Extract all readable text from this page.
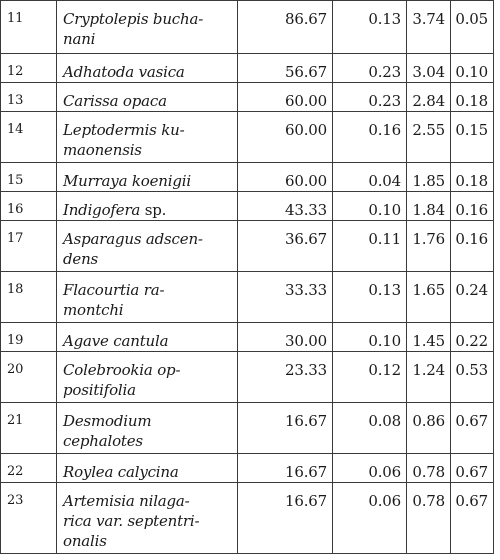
11	Cryptolepis bucha-
nani	86.67	0.13	3.74	0.05
12	Adhatoda vasica	56.67	0.23	3.04	0.10
13	Carissa opaca	60.00	0.23	2.84	0.18
14	Leptodermis ku-
maonensis	60.00	0.16	2.55	0.15
15	Murraya koenigii	60.00	0.04	1.85	0.18
16	Indigofera sp.	43.33	0.10	1.84	0.16
17	Asparagus adscen-
dens	36.67	0.11	1.76	0.16
18	Flacourtia ra-
montchi	33.33	0.13	1.65	0.24
19	Agave cantula	30.00	0.10	1.45	0.22
20	Colebrookia op-
positifolia	23.33	0.12	1.24	0.53
21	Desmodium
cephalotes	16.67	0.08	0.86	0.67
22	Roylea calycina	16.67	0.06	0.78	0.67
23	Artemisia nilaga-
rica var. septentri-
onalis	16.67	0.06	0.78	0.67
